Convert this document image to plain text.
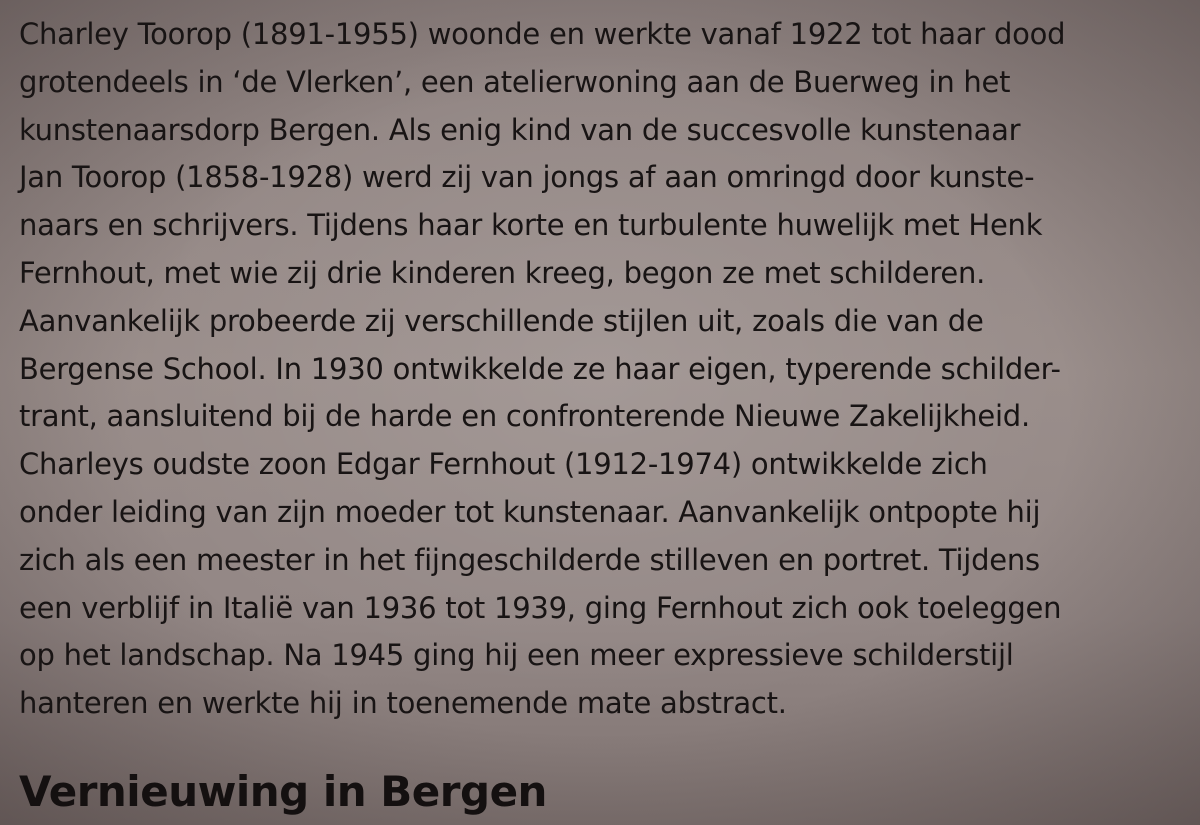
Charley Toorop (1891-1955) woonde en werkte vanaf 1922 tot haar dood
grotendeels in ‘de Vlerken’, een atelierwoning aan de Buerweg in het
kunstenaarsdorp Bergen. Als enig kind van de succesvolle kunstenaar
Jan Toorop (1858-1928) werd zij van jongs af aan omringd door kunste-
naars en schrijvers. Tijdens haar korte en turbulente huwelijk met Henk
Fernhout, met wie zij drie kinderen kreeg, begon ze met schilderen.
Aanvankelijk probeerde zij verschillende stijlen uit, zoals die van de
Bergense School. In 1930 ontwikkelde ze haar eigen, typerende schilder-
trant, aansluitend bij de harde en confronterende Nieuwe Zakelijkheid.
Charleys oudste zoon Edgar Fernhout (1912-1974) ontwikkelde zich
onder leiding van zijn moeder tot kunstenaar. Aanvankelijk ontpopte hij
zich als een meester in het fijngeschilderde stilleven en portret. Tijdens
een verblijf in Italië van 1936 tot 1939, ging Fernhout zich ook toeleggen
op het landschap. Na 1945 ging hij een meer expressieve schilderstijl
hanteren en werkte hij in toenemende mate abstract.

Vernieuwing in Bergen
